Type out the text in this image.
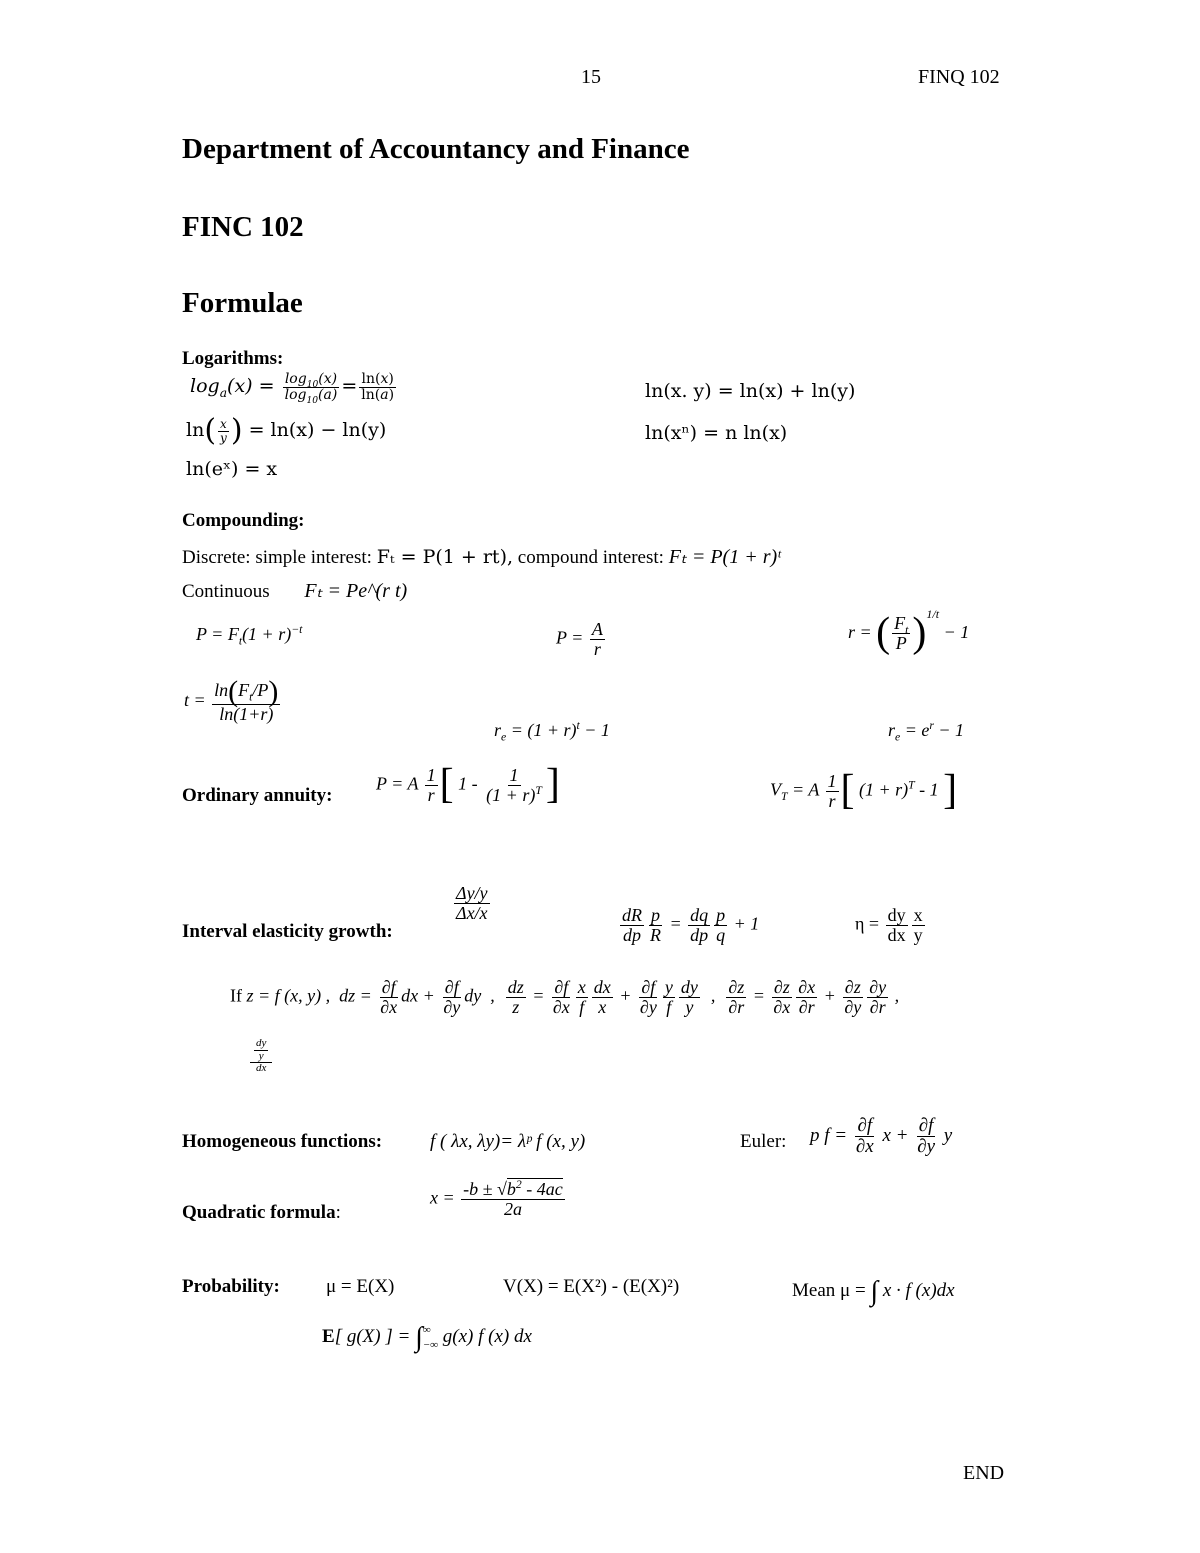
15	FINQ 102
Department of Accountancy and Finance
FINC 102
Formulae
Logarithms:
$\log_a(x) = \frac{\log_{10}(x)}{\log_{10}(a)} = \frac{\ln(x)}{\ln(a)}$	ln(x. y) = ln(x) + ln(y)
$\ln( \frac{x}{y}$ ) = ln(x) − ln(y)	ln(xⁿ) = n ln(x)
ln(eˣ) = x
Compounding:
Discrete: simple interest: Fₜ = P(1 + rt), compound interest: Fₜ = P(1 + r)ᵗ
Continuous Fₜ = Pe^(r t)
$P = F_t(1 + r)^{-t}$	$P = \frac{A}{r}$	r = ( $\frac{F_t}{P} )^{1/t} - 1$
$t = \frac{\ln(F_t/P)}{\ln(1+r)}$
$r_e = (1 + r)^t - 1$	$r_e = e^r - 1$
Ordinary annuity:
P = A $\frac{1}{r}$ [ $1 - \frac{1}{(1 + r)^T}$ ]	$V_T = A \frac{1}{r}$ [ $(1 + r)^T - 1$ ]
Interval elasticity growth:
$\frac{\Delta y/y}{\Delta x/x}$
$\frac{dR}{dp} \frac{p}{R} = \frac{dq}{dp} \frac{p}{q} + 1$	$\eta = \frac{dy}{dx} \frac{x}{y}$
If z = f (x, y) ,  dz = $\frac{\partial f}{\partial x}$ dx + $\frac{\partial f}{\partial y}$ dy  , $\frac{dz}{z} = \frac{\partial f}{\partial x} \frac{x}{f} \frac{dx}{x} + \frac{\partial f}{\partial y} \frac{y}{f} \frac{dy}{y}$ , $\frac{\partial z}{\partial r} = \frac{\partial z}{\partial x} \frac{\partial x}{\partial r} + \frac{\partial z}{\partial y} \frac{\partial y}{\partial r}$ ,
$\frac{\frac{dy}{y}}{dx}$
Homogeneous functions:	f ( λx, λy)= λᵖ f (x, y)	Euler: p $f = \frac{\partial f}{\partial x}$ $x + \frac{\partial f}{\partial y}$ y
Quadratic formula:
$x = \frac{-b \pm √b^2 - 4ac}{2a}$
Probability: μ = E(X)	V(X) = E(X²) - (E(X)²)	Mean μ = ∫ x · f (x)dx
E[ g(X) ] = ∫ ∞
−∞ g(x) f (x) dx
END
